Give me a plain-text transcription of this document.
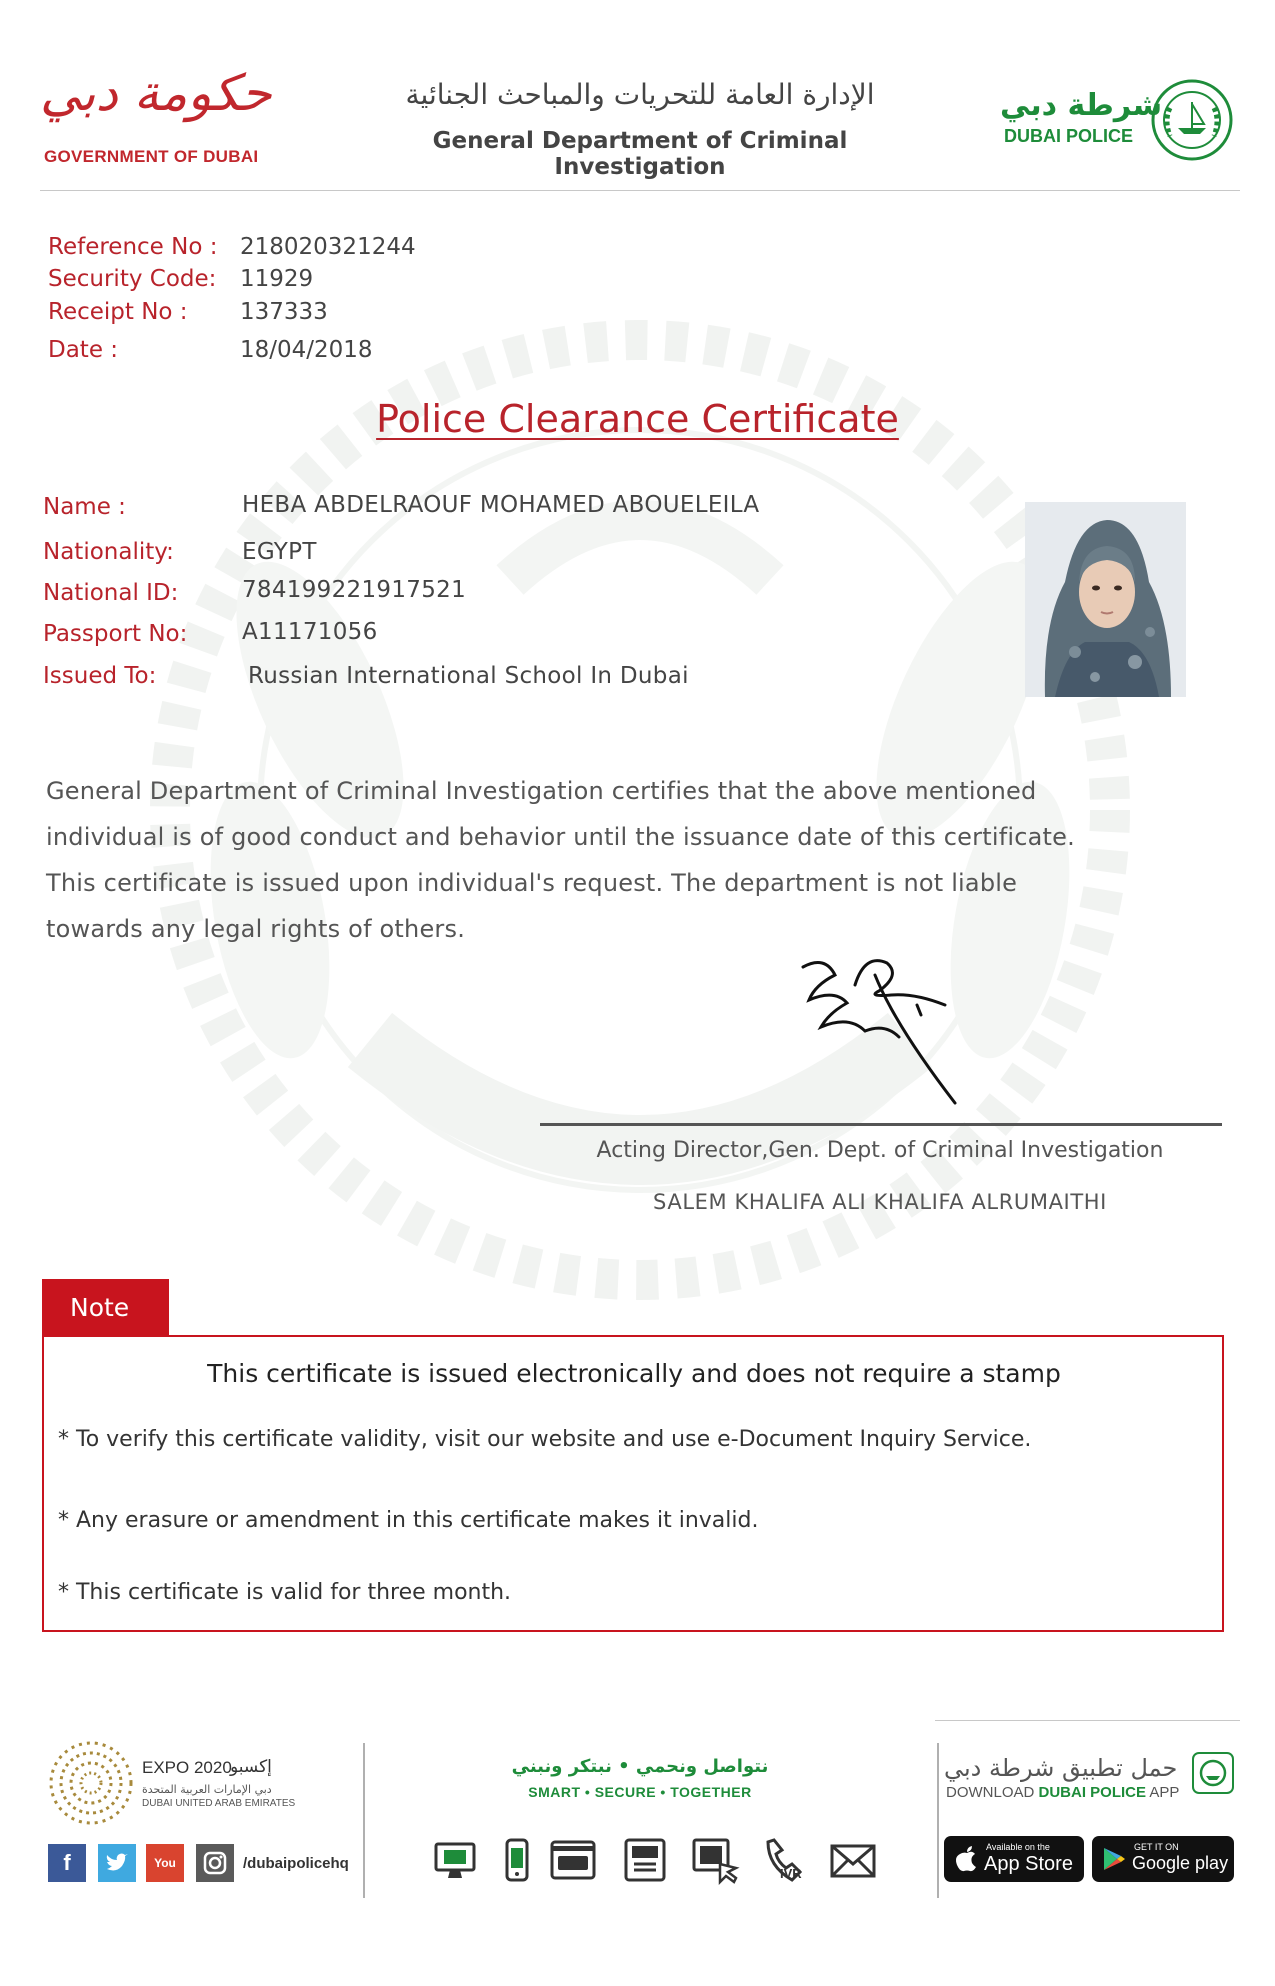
حكومة دبي
GOVERNMENT OF DUBAI
الإدارة العامة للتحريات والمباحث الجنائية
General Department of Criminal Investigation
شرطة دبي
DUBAI POLICE
Reference No : 218020321244
Security Code: 11929
Receipt No : 137333
Date :	18/04/2018
Police Clearance Certificate
Name :	HEBA ABDELRAOUF MOHAMED ABOUELEILA
Nationality:	EGYPT
National ID:	784199221917521
Passport No: A11171056
Issued To:	Russian International School In Dubai
General Department of Criminal Investigation certifies that the above mentioned
individual is of good conduct and behavior until the issuance date of this certificate.
This certificate is issued upon individual's request. The department is not liable
towards any legal rights of others.
Acting Director,Gen. Dept. of Criminal Investigation
SALEM KHALIFA ALI KHALIFA ALRUMAITHI
Note
This certificate is issued electronically and does not require a stamp
* To verify this certificate validity, visit our website and use e-Document Inquiry Service.
* Any erasure or amendment in this certificate makes it invalid.
* This certificate is valid for three month.
EXPO 2020
إكسبو
دبي الإمارات العربية المتحدة
DUBAI UNITED ARAB EMIRATES
f	You	/dubaipolicehq
نتواصل ونحمي • نبتكر ونبني
SMART • SECURE • TOGETHER
IVR
حمل تطبيق شرطة دبي
DOWNLOAD DUBAI POLICE APP
Available on the
App Store
GET IT ON
Google play
